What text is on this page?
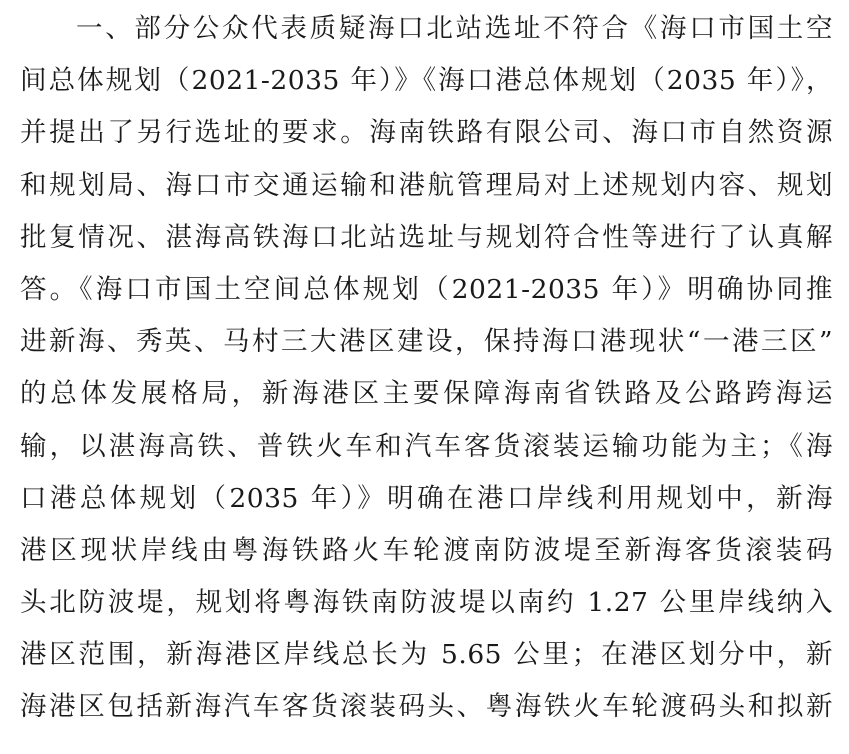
一、部分公众代表质疑海口北站选址不符合《海口市国土空
间总体规划（2021-2035 年）》《海口港总体规划（2035 年）》，
并提出了另行选址的要求。海南铁路有限公司、海口市自然资源
和规划局、海口市交通运输和港航管理局对上述规划内容、规划
批复情况、湛海高铁海口北站选址与规划符合性等进行了认真解
答。《海口市国土空间总体规划（2021-2035 年）》明确协同推
进新海、秀英、马村三大港区建设，保持海口港现状“一港三区”
的总体发展格局，新海港区主要保障海南省铁路及公路跨海运
输，以湛海高铁、普铁火车和汽车客货滚装运输功能为主；《海
口港总体规划（2035 年）》明确在港口岸线利用规划中，新海
港区现状岸线由粤海铁路火车轮渡南防波堤至新海客货滚装码
头北防波堤，规划将粤海铁南防波堤以南约 1.27 公里岸线纳入
港区范围，新海港区岸线总长为 5.65 公里；在港区划分中，新
海港区包括新海汽车客货滚装码头、粤海铁火车轮渡码头和拟新
